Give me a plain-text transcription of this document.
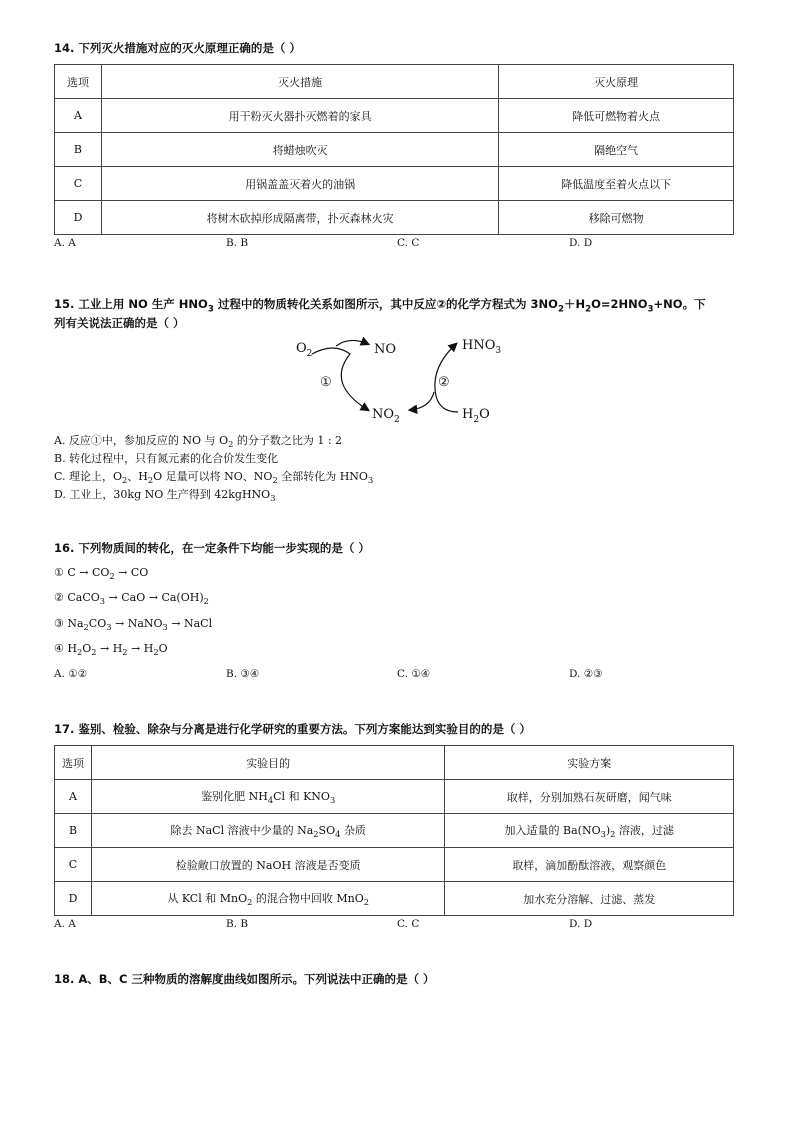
14. 下列灭火措施对应的灭火原理正确的是（ ）
选项	灭火措施	灭火原理
A	用干粉灭火器扑灭燃着的家具	降低可燃物着火点
B	将蜡烛吹灭	隔绝空气
C	用锅盖盖灭着火的油锅	降低温度至着火点以下
D	将树木砍掉形成隔离带，扑灭森林火灾	移除可燃物
A. A	B. B	C. C	D. D
15. 工业上用 NO 生产 $HNO_3$ 过程中的物质转化关系如图所示，其中反应②的化学方程式为 $3NO_2+H_2O=2HNO_3+NO$。下
列有关说法正确的是（ ）
$O_2$	NO	$HNO_3$
①	②
$NO_2$	$H_2O$
A. 反应①中，参加反应的 NO 与 $O_2$ 的分子数之比为 1 : 2
B. 转化过程中，只有氮元素的化合价发生变化
C. 理论上，$O_2$、$H_2O$ 足量可以将 NO、$NO_2$ 全部转化为 $HNO_3$
D. 工业上，30kg NO 生产得到 42kgHNO$_3$
16. 下列物质间的转化，在一定条件下均能一步实现的是（ ）
① $C \to CO_2$ → CO
② CaCO$_3$ → CaO → $Ca(OH)_2$
③ $Na_2CO_3$ → NaNO$_3$ → NaCl
④ $H_2O_2 \to H_2 \to H_2O$
A. ①②	B. ③④	C. ①④	D. ②③
17. 鉴别、检验、除杂与分离是进行化学研究的重要方法。下列方案能达到实验目的的是（ ）
选项	实验目的	实验方案
A	鉴别化肥 $NH_4Cl$ 和 $KNO_3$	取样，分别加熟石灰研磨，闻气味
B	除去 NaCl 溶液中少量的 $Na_2SO_4$ 杂质	加入适量的 $Ba(NO_3)_2$ 溶液，过滤
C	检验敞口放置的 NaOH 溶液是否变质	取样，滴加酚酞溶液，观察颜色
D	从 KCl 和 MnO$_2$ 的混合物中回收 MnO$_2$	加水充分溶解、过滤、蒸发
A. A	B. B	C. C	D. D
18. A、B、C 三种物质的溶解度曲线如图所示。下列说法中正确的是（ ）
